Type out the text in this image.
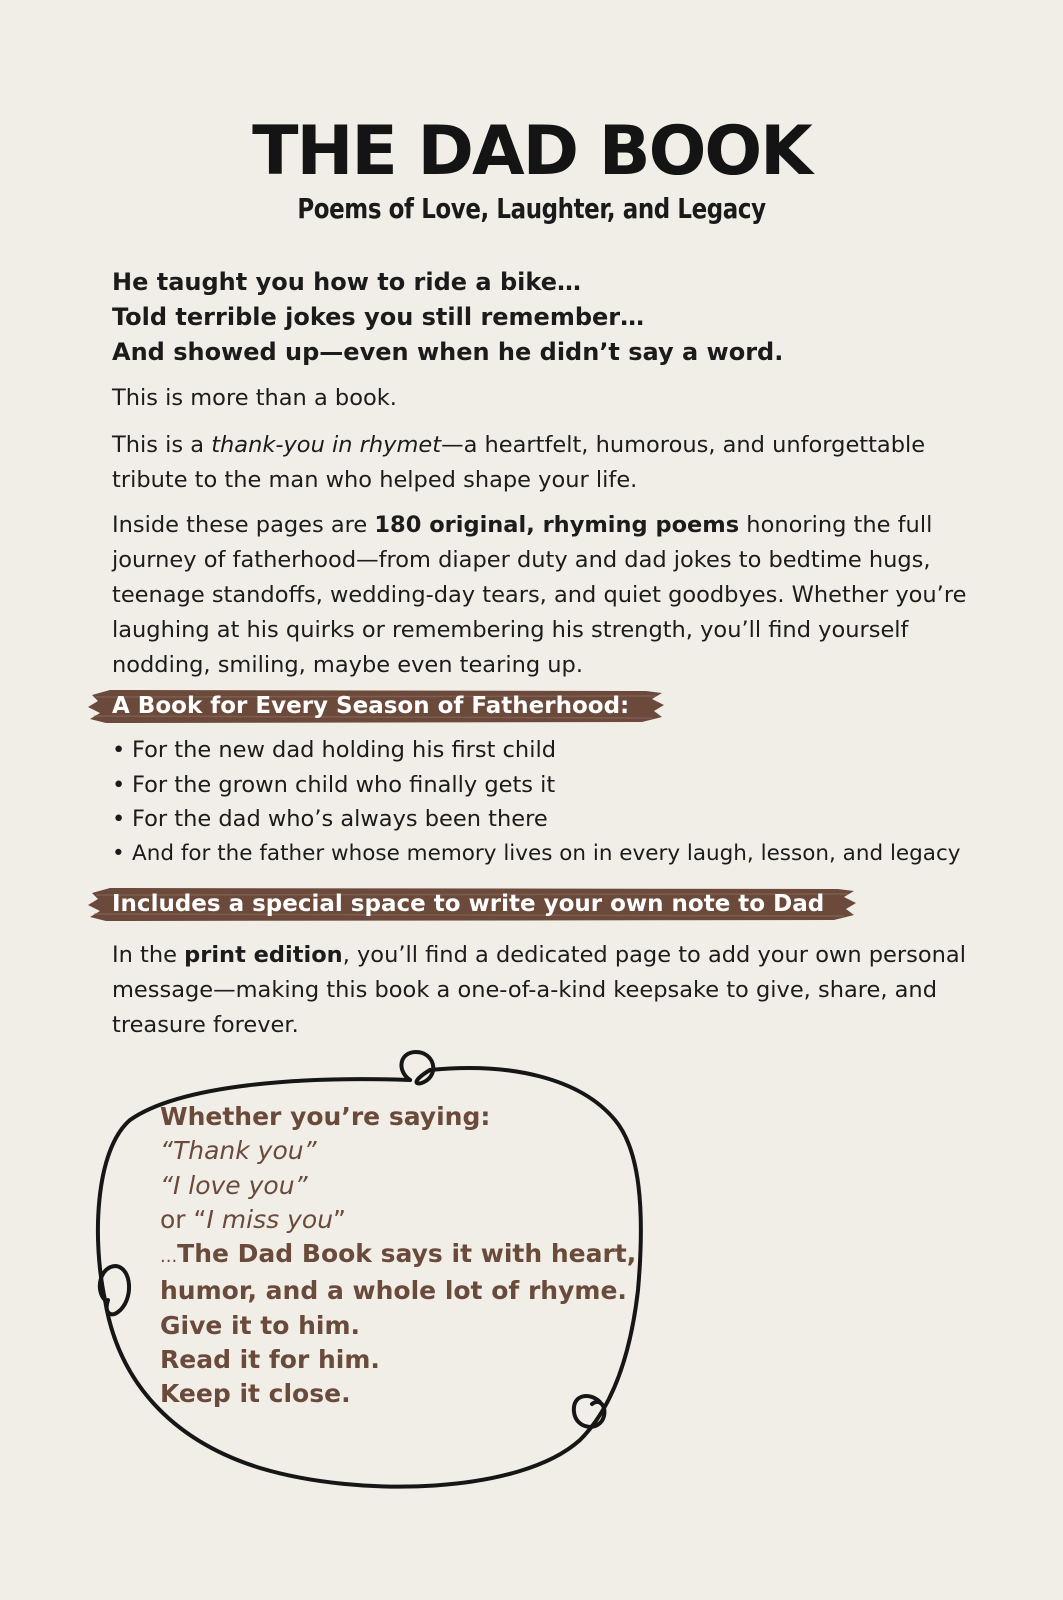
THE DAD BOOK
Poems of Love, Laughter, and Legacy
He taught you how to ride a bike…
Told terrible jokes you still remember…
And showed up—even when he didn’t say a word.
This is more than a book.
This is a thank-you in rhymet—a heartfelt, humorous, and unforgettable tribute to the man who helped shape your life.
Inside these pages are 180 original, rhyming poems honoring the full journey of fatherhood—from diaper duty and dad jokes to bedtime hugs, teenage standoffs, wedding-day tears, and quiet goodbyes. Whether you’re laughing at his quirks or remembering his strength, you’ll find yourself nodding, smiling, maybe even tearing up.
A Book for Every Season of Fatherhood:
• For the new dad holding his first child
• For the grown child who finally gets it
• For the dad who’s always been there
• And for the father whose memory lives on in every laugh, lesson, and legacy
Includes a special space to write your own note to Dad
In the print edition, you’ll find a dedicated page to add your own personal message—making this book a one-of-a-kind keepsake to give, share, and treasure forever.
Whether you’re saying:
“Thank you”
“I love you”
or “I miss you”
...The Dad Book says it with heart,
humor, and a whole lot of rhyme.
Give it to him.
Read it for him.
Keep it close.
